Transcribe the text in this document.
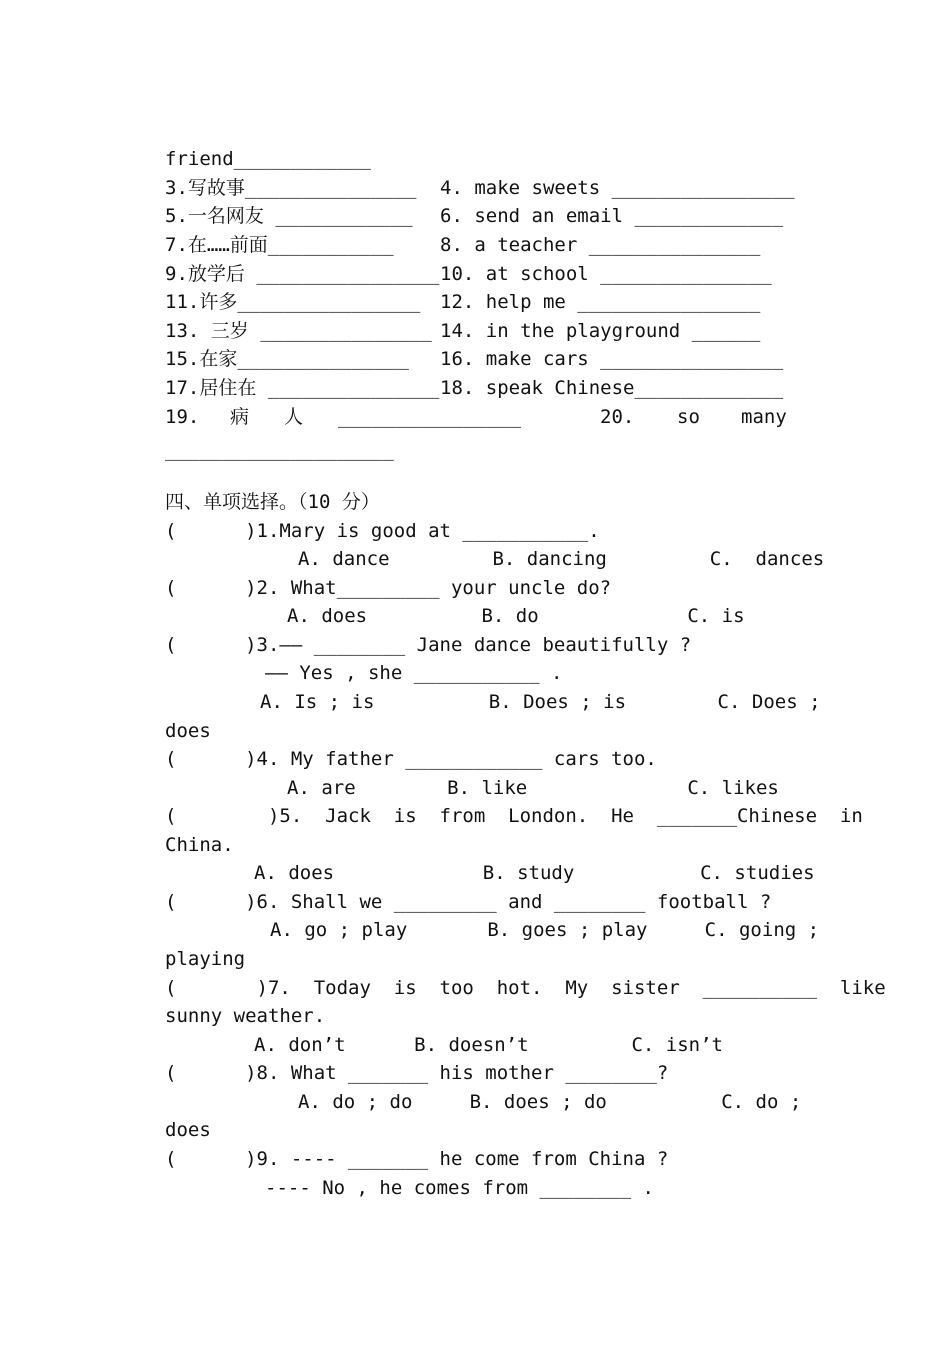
friend____________
3.写故事_______________ 4. make sweets ________________
5.一名网友 ____________ 6. send an email _____________
7.在……前面___________ 8. a teacher _______________
9.放学后 ________________ 10. at school _______________
11.许多________________ 12. help me ________________
13. 三岁 _______________ 14. in the playground ______
15.在家_______________ 16. make cars ________________
17.居住在 _______________ 18. speak Chinese_____________
19. 病 人 ________________	20. so many
____________________
四、单项选择。（10 分）
(      )1.Mary is good at ___________.
A. dance         B. dancing         C.  dances
(      )2. What_________ your uncle do?
A. does          B. do             C. is
(      )3.—— ________ Jane dance beautifully ?
—— Yes , she ___________ .
A. Is ; is          B. Does ; is        C. Does ;
does
(      )4. My father ____________ cars too.
A. are        B. like              C. likes
(        )5.  Jack  is  from  London.  He  _______Chinese  in
China.
A. does             B. study           C. studies
(      )6. Shall we _________ and ________ football ?
A. go ; play       B. goes ; play     C. going ;
playing
(       )7.  Today  is  too  hot.  My  sister  __________  like
sunny weather.
A. don’t      B. doesn’t         C. isn’t
(      )8. What _______ his mother ________?
A. do ; do     B. does ; do          C. do ;
does
(      )9. ---- _______ he come from China ?
---- No , he comes from ________ .
